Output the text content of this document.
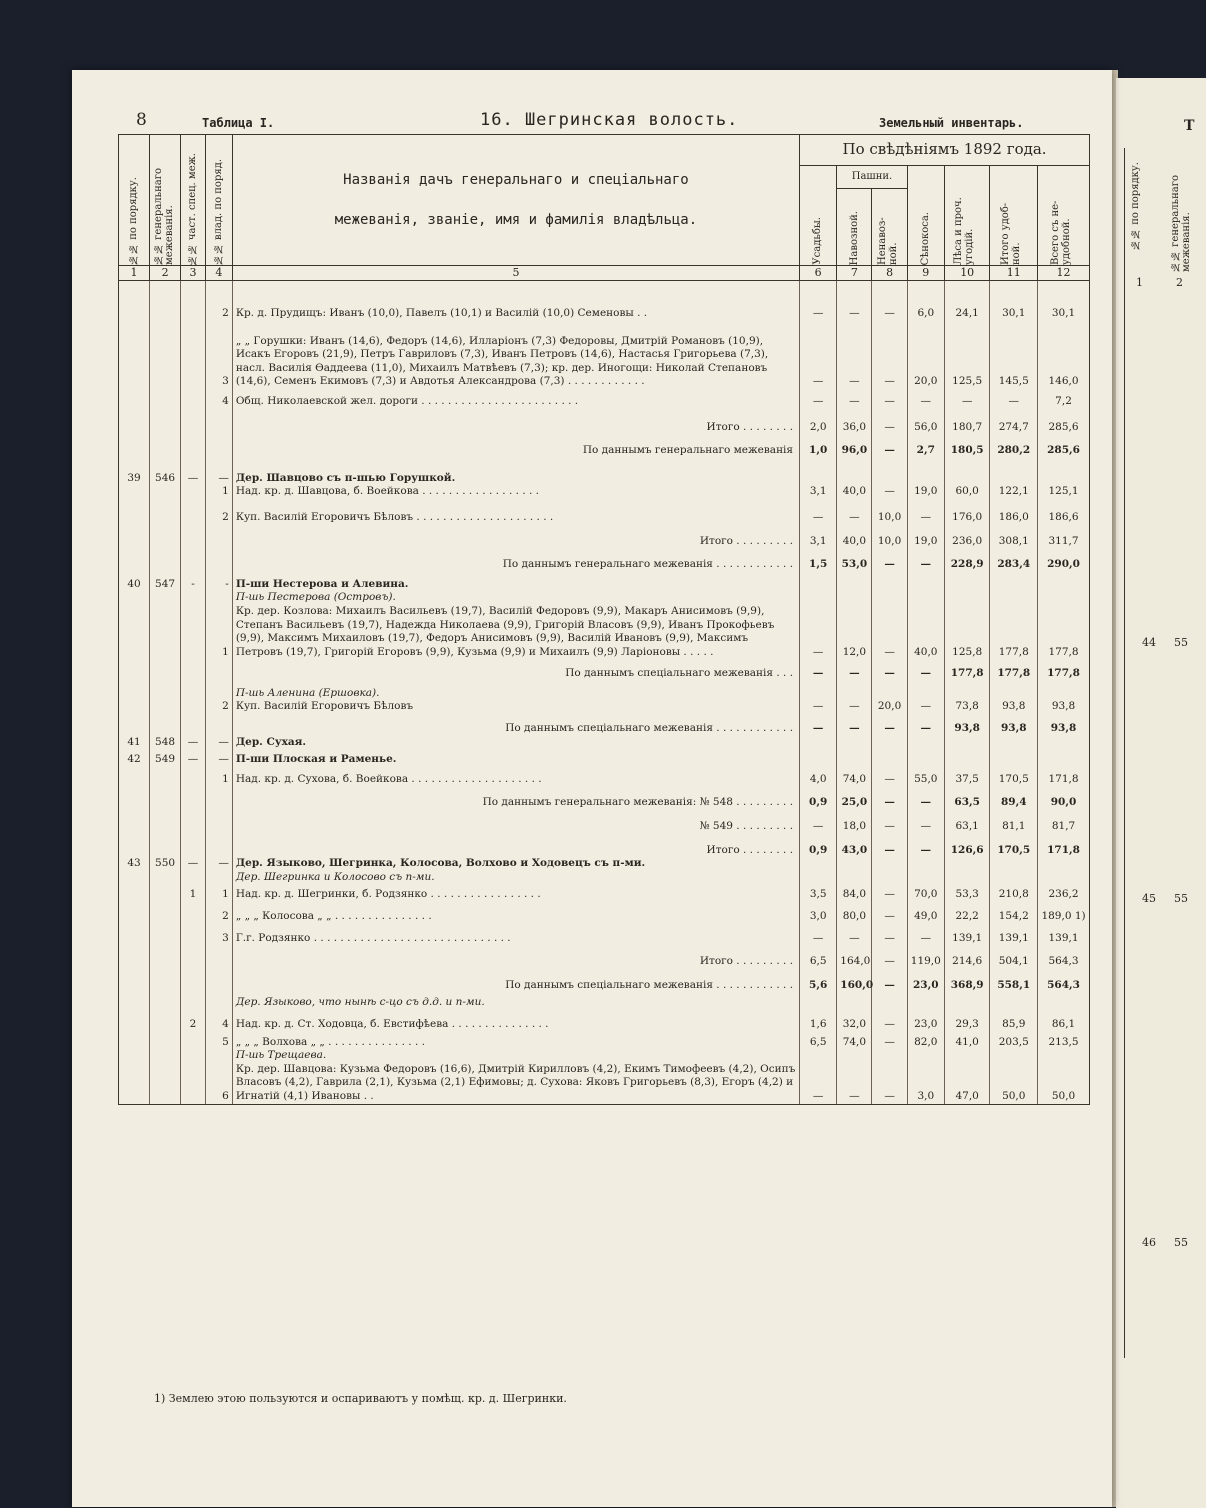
Т
№№ по порядку.	№№ генеральнаго межеванія.
1	2
44 55
45 55
46 55
8	Таблица I.	16. Шегринская волость.	Земельный инвентарь.
№№ по порядку.	№№ генеральнаго межеванія.	№№ част. спец. меж.	№№ влад. по поряд.	Названія дачъ генеральнаго и спеціальнаго
межеванія, званіе, имя и фамилія владѣльца.	По свѣдѣніямъ 1892 года.						

					Усадьбы.	Пашни.		Сѣнокоса.	Лѣса и проч. угодій.	Итого удоб-ной.	Всего съ не-удобной.

						Навозной.	Ненавоз-ной.				

1	2	3	4	5	6	7	8	9	10	11	12

			2	Кр. д. Прудищъ: Иванъ (10,0), Павелъ (10,1) и Василій (10,0) Семеновы . .	—	—	—	6,0	24,1	30,1	30,1

			3	„ „ Горушки: Иванъ (14,6), Федоръ (14,6), Илларіонъ (7,3) Федоровы, Дмитрій Романовъ (10,9), Исакъ Егоровъ (21,9), Петръ Гавриловъ (7,3), Иванъ Петровъ (14,6), Настасья Григорьева (7,3), насл. Василія Ѳаддеева (11,0), Михаилъ Матвѣевъ (7,3); кр. дер. Иногощи: Николай Степановъ (14,6), Семенъ Екимовъ (7,3) и Авдотья Александрова (7,3) . . . . . . . . . . . .	—	—	—	20,0	125,5	145,5	146,0

			4	Общ. Николаевской жел. дороги . . . . . . . . . . . . . . . . . . . . . . . .	—	—	—	—	—	—	7,2

				Итого . . . . . . . .	2,0	36,0	—	56,0	180,7	274,7	285,6

				По даннымъ генеральнаго межеванія	1,0	96,0	—	2,7	180,5	280,2	285,6

39	546	—	—	Дер. Шавцово съ п-шью Горушкой.							
			1	Над. кр. д. Шавцова, б. Воейкова . . . . . . . . . . . . . . . . . .	3,1	40,0	—	19,0	60,0	122,1	125,1

			2	Куп. Василій Егоровичъ Бѣловъ . . . . . . . . . . . . . . . . . . . . .	—	—	10,0	—	176,0	186,0	186,6

				Итого . . . . . . . . .	3,1	40,0	10,0	19,0	236,0	308,1	311,7

				По даннымъ генеральнаго межеванія . . . . . . . . . . . .	1,5	53,0	—	—	228,9	283,4	290,0

40	547	-	-	П-ши Нестерова и Алевина.							
				П-шь Пестерова (Островъ).							
			1	Кр. дер. Козлова: Михаилъ Васильевъ (19,7), Василій Федоровъ (9,9), Макаръ Анисимовъ (9,9), Степанъ Васильевъ (19,7), Надежда Николаева (9,9), Григорій Власовъ (9,9), Иванъ Прокофьевъ (9,9), Максимъ Михаиловъ (19,7), Федоръ Анисимовъ (9,9), Василій Ивановъ (9,9), Максимъ Петровъ (19,7), Григорій Егоровъ (9,9), Кузьма (9,9) и Михаилъ (9,9) Ларіоновы . . . . .	—	12,0	—	40,0	125,8	177,8	177,8

				По даннымъ спеціальнаго межеванія . . .	—	—	—	—	177,8	177,8	177,8

				П-шь Аленина (Ершовка).							
			2	Куп. Василій Егоровичъ Бѣловъ	—	—	20,0	—	73,8	93,8	93,8

				По даннымъ спеціальнаго межеванія . . . . . . . . . . . .	—	—	—	—	93,8	93,8	93,8
41	548	—	—	Дер. Сухая.							

42	549	—	—	П-ши Плоская и Раменье.							

			1	Над. кр. д. Сухова, б. Воейкова . . . . . . . . . . . . . . . . . . . .	4,0	74,0	—	55,0	37,5	170,5	171,8

				По даннымъ генеральнаго межеванія: № 548 . . . . . . . . .	0,9	25,0	—	—	63,5	89,4	90,0

				№ 549 . . . . . . . . .	—	18,0	—	—	63,1	81,1	81,7

				Итого . . . . . . . .	0,9	43,0	—	—	126,6	170,5	171,8
43	550	—	—	Дер. Языково, Шегринка, Колосова, Волхово и Ходовецъ съ п-ми.							
				Дер. Шегринка и Колосово съ п-ми.							

		1	1	Над. кр. д. Шегринки, б. Родзянко . . . . . . . . . . . . . . . . .	3,5	84,0	—	70,0	53,3	210,8	236,2

			2	„ „ „ Колосова „ „ . . . . . . . . . . . . . . .	3,0	80,0	—	49,0	22,2	154,2	189,0 1)

			3	Г.г. Родзянко . . . . . . . . . . . . . . . . . . . . . . . . . . . . . .	—	—	—	—	139,1	139,1	139,1

				Итого . . . . . . . . .	6,5	164,0	—	119,0	214,6	504,1	564,3

				По даннымъ спеціальнаго межеванія . . . . . . . . . . . .	5,6	160,0	—	23,0	368,9	558,1	564,3

				Дер. Языково, что нынѣ с-цо съ д.д. и п-ми.							

		2	4	Над. кр. д. Ст. Ходовца, б. Евстифѣева . . . . . . . . . . . . . . .	1,6	32,0	—	23,0	29,3	85,9	86,1

			5	„ „ „ Волхова „ „ . . . . . . . . . . . . . . .	6,5	74,0	—	82,0	41,0	203,5	213,5
				П-шь Трещаева.							
			6	Кр. дер. Шавцова: Кузьма Федоровъ (16,6), Дмитрій Кирилловъ (4,2), Екимъ Тимофеевъ (4,2), Осипъ Власовъ (4,2), Гаврила (2,1), Кузьма (2,1) Ефимовы; д. Сухова: Яковъ Григорьевъ (8,3), Егоръ (4,2) и Игнатій (4,1) Ивановы . .	—	—	—	3,0	47,0	50,0	50,0
1) Землею этою пользуются и оспариваютъ у помѣщ. кр. д. Шегринки.
